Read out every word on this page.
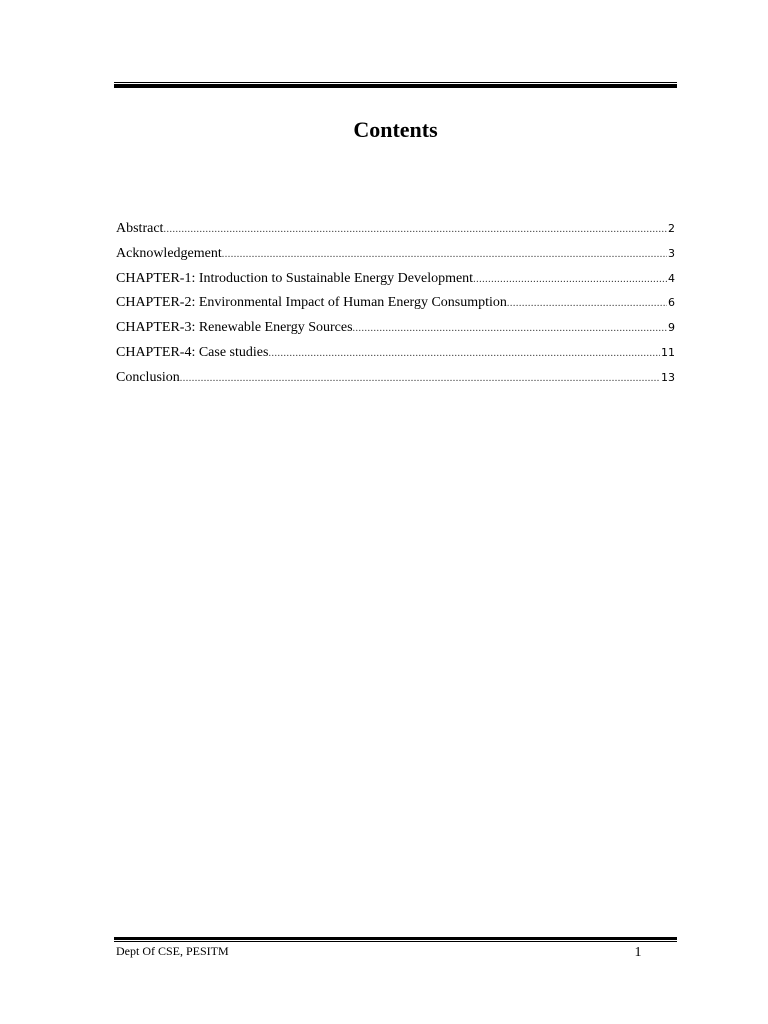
Contents
Abstract .....	2
Acknowledgement .....	3
CHAPTER-1: Introduction to Sustainable Energy Development .....	4
CHAPTER-2: Environmental Impact of Human Energy Consumption .....	6
CHAPTER-3: Renewable Energy Sources .....	9
CHAPTER-4: Case studies .....	11
Conclusion .....	13
Dept Of CSE, PESITM	1
